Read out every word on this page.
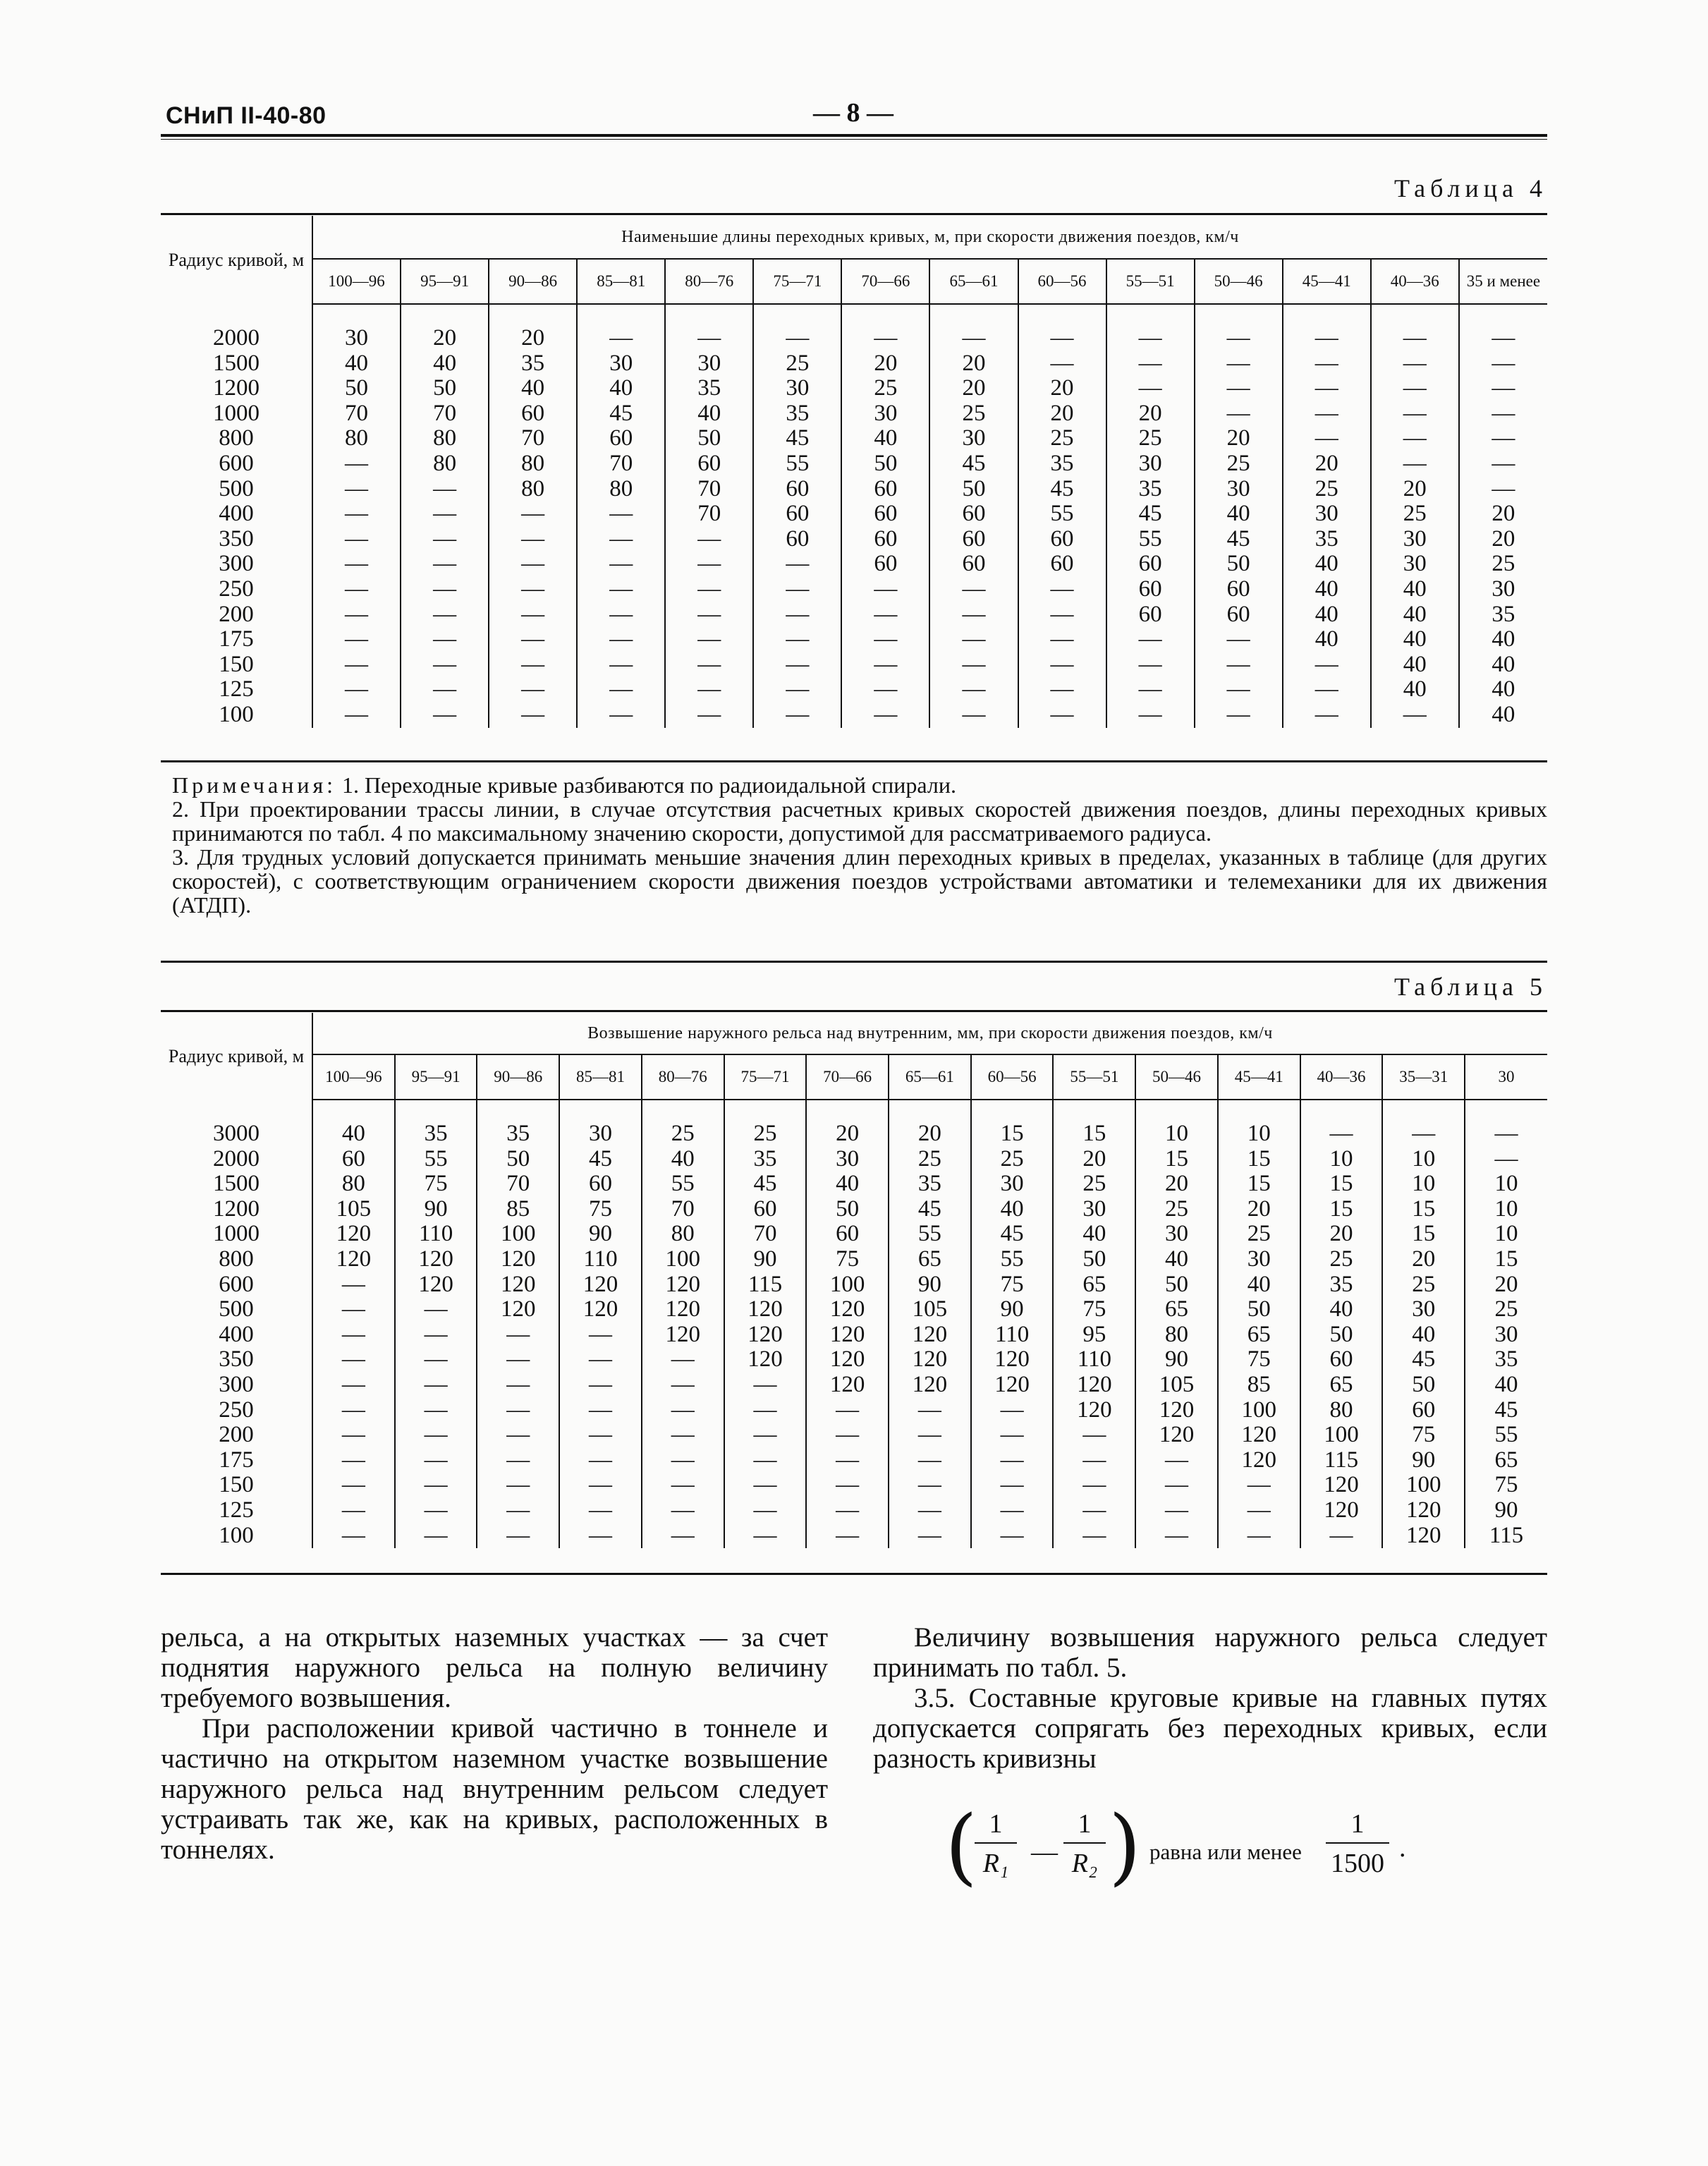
СНиП II-40-80	— 8 —
Таблица 4
Радиус кривой, м	Наименьшие длины переходных кривых, м, при скорости движения поездов, км/ч													
	100—96	95—91	90—86	85—81	80—76	75—71	70—66	65—61	60—56	55—51	50—46	45—41	40—36	35 и менее

2000	30	20	20	—	—	—	—	—	—	—	—	—	—	—
1500	40	40	35	30	30	25	20	20	—	—	—	—	—	—
1200	50	50	40	40	35	30	25	20	20	—	—	—	—	—
1000	70	70	60	45	40	35	30	25	20	20	—	—	—	—
800	80	80	70	60	50	45	40	30	25	25	20	—	—	—
600	—	80	80	70	60	55	50	45	35	30	25	20	—	—
500	—	—	80	80	70	60	60	50	45	35	30	25	20	—
400	—	—	—	—	70	60	60	60	55	45	40	30	25	20
350	—	—	—	—	—	60	60	60	60	55	45	35	30	20
300	—	—	—	—	—	—	60	60	60	60	50	40	30	25
250	—	—	—	—	—	—	—	—	—	60	60	40	40	30
200	—	—	—	—	—	—	—	—	—	60	60	40	40	35
175	—	—	—	—	—	—	—	—	—	—	—	40	40	40
150	—	—	—	—	—	—	—	—	—	—	—	—	40	40
125	—	—	—	—	—	—	—	—	—	—	—	—	40	40
100	—	—	—	—	—	—	—	—	—	—	—	—	—	40

Примечания: 1. Переходные кривые разбиваются по радиоидальной спирали.

2. При проектировании трассы линии, в случае отсутствия расчетных кривых скоростей движения поездов, длины переходных кривых принимаются по табл. 4 по максимальному значению скорости, допустимой для рассматриваемого радиуса.

3. Для трудных условий допускается принимать меньшие значения длин переходных кривых в пределах, указанных в таблице (для других скоростей), с соответствующим ограничением скорости движения поездов устройствами автоматики и телемеханики для их движения (АТДП).

Таблица 5
Радиус кривой, м	Возвышение наружного рельса над внутренним, мм, при скорости движения поездов, км/ч														
	100—96	95—91	90—86	85—81	80—76	75—71	70—66	65—61	60—56	55—51	50—46	45—41	40—36	35—31	30

3000	40	35	35	30	25	25	20	20	15	15	10	10	—	—	—
2000	60	55	50	45	40	35	30	25	25	20	15	15	10	10	—
1500	80	75	70	60	55	45	40	35	30	25	20	15	15	10	10
1200	105	90	85	75	70	60	50	45	40	30	25	20	15	15	10
1000	120	110	100	90	80	70	60	55	45	40	30	25	20	15	10
800	120	120	120	110	100	90	75	65	55	50	40	30	25	20	15
600	—	120	120	120	120	115	100	90	75	65	50	40	35	25	20
500	—	—	120	120	120	120	120	105	90	75	65	50	40	30	25
400	—	—	—	—	120	120	120	120	110	95	80	65	50	40	30
350	—	—	—	—	—	120	120	120	120	110	90	75	60	45	35
300	—	—	—	—	—	—	120	120	120	120	105	85	65	50	40
250	—	—	—	—	—	—	—	—	—	120	120	100	80	60	45
200	—	—	—	—	—	—	—	—	—	—	120	120	100	75	55
175	—	—	—	—	—	—	—	—	—	—	—	120	115	90	65
150	—	—	—	—	—	—	—	—	—	—	—	—	120	100	75
125	—	—	—	—	—	—	—	—	—	—	—	—	120	120	90
100	—	—	—	—	—	—	—	—	—	—	—	—	—	120	115

рельса, а на открытых наземных участках — за счет поднятия наружного рельса на полную величину требуемого возвышения.

При расположении кривой частично в тоннеле и частично на открытом наземном участке возвышение наружного рельса над внутренним рельсом следует устраивать так же, как на кривых, расположенных в тоннелях.

Величину возвышения наружного рельса следует принимать по табл. 5.

3.5. Составные круговые кривые на главных путях допускается сопрягать без переходных кривых, если разность кривизны

(
$\frac{1}{\text{R₁}}$ — $\frac{1}{\text{R₂}}$ ) равна или менее $\frac{1}{1500}$ .
